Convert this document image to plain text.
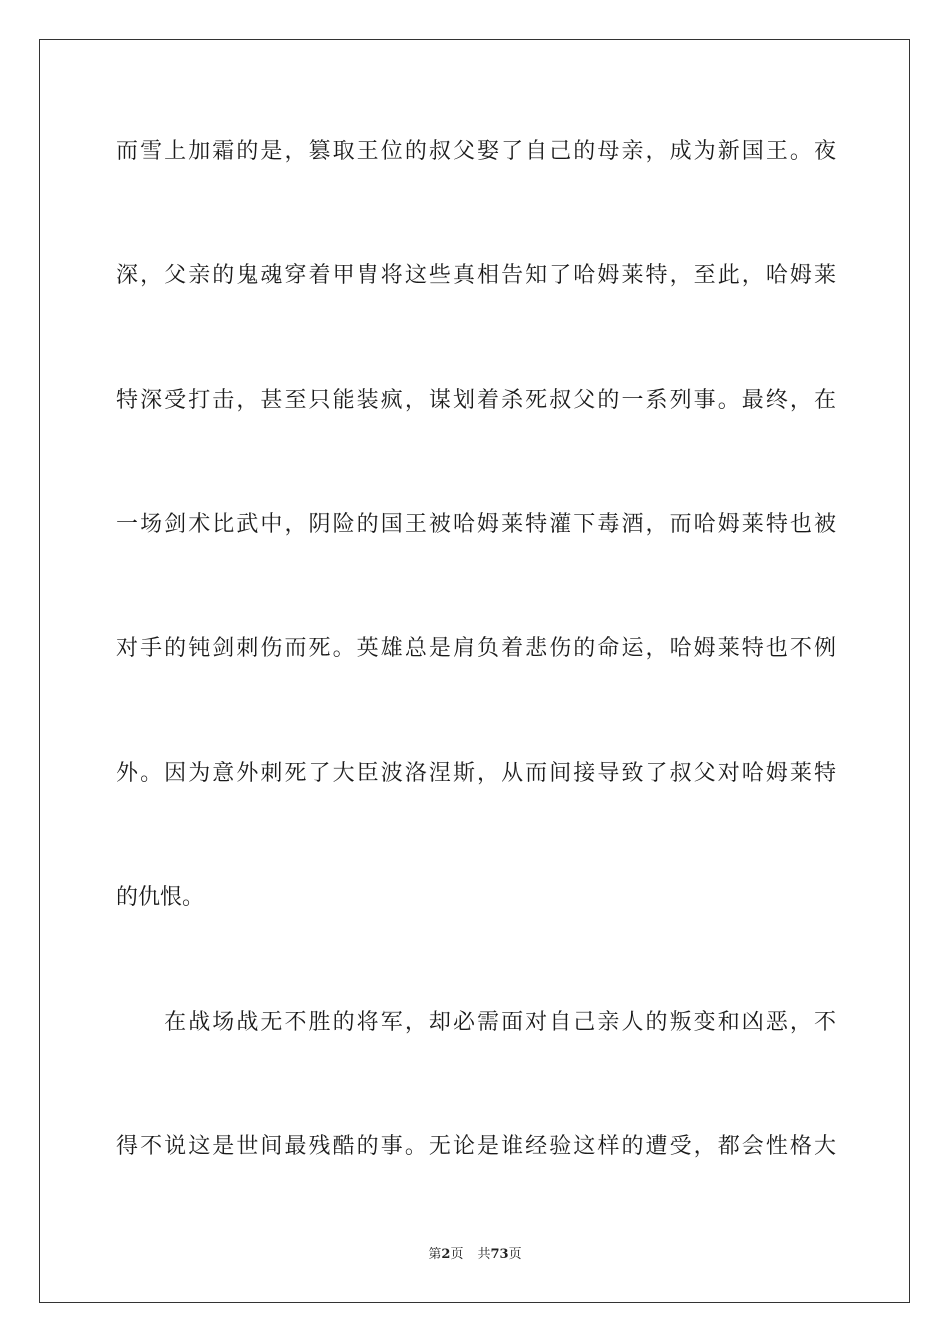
而雪上加霜的是，篡取王位的叔父娶了自己的母亲，成为新国王。夜
深，父亲的鬼魂穿着甲胄将这些真相告知了哈姆莱特，至此，哈姆莱
特深受打击，甚至只能装疯，谋划着杀死叔父的一系列事。最终，在
一场剑术比武中，阴险的国王被哈姆莱特灌下毒酒，而哈姆莱特也被
对手的钝剑刺伤而死。英雄总是肩负着悲伤的命运，哈姆莱特也不例
外。因为意外刺死了大臣波洛涅斯，从而间接导致了叔父对哈姆莱特
的仇恨。
　　在战场战无不胜的将军，却必需面对自己亲人的叛变和凶恶，不
得不说这是世间最残酷的事。无论是谁经验这样的遭受，都会性格大
第2页 共73页
